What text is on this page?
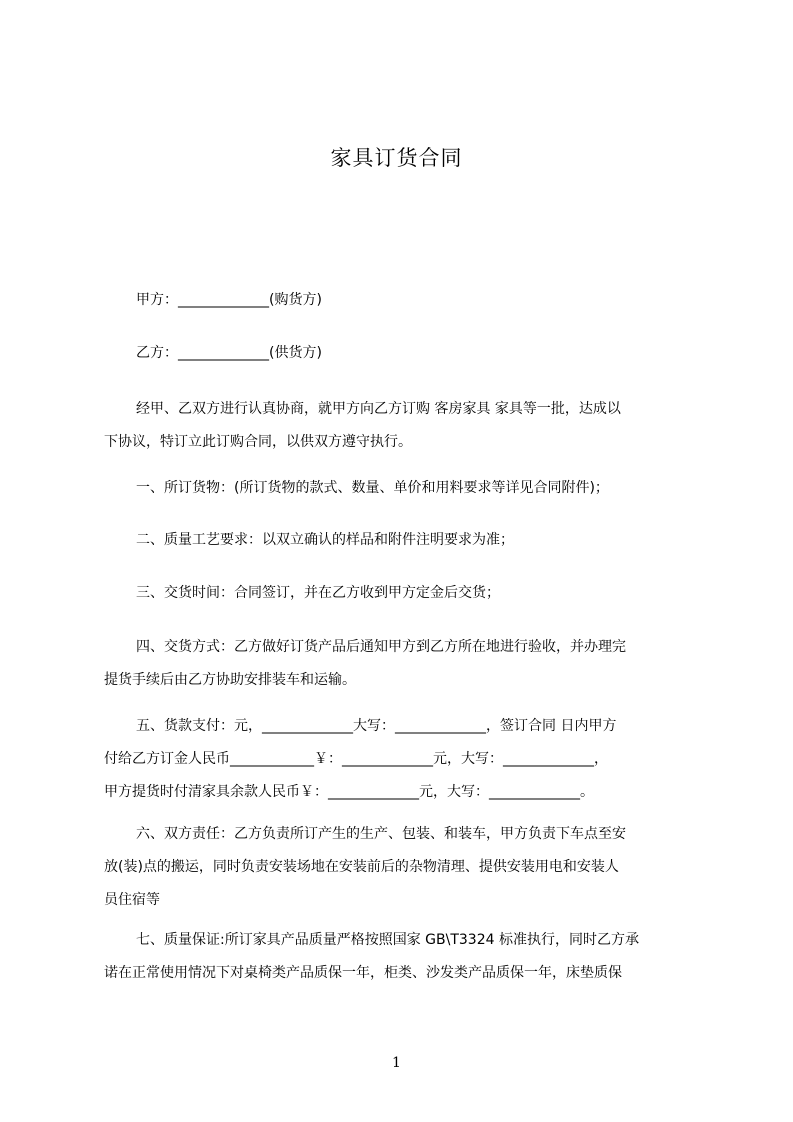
家具订货合同
甲方：_____________(购货方)
乙方：_____________(供货方)
经甲、乙双方进行认真协商，就甲方向乙方订购 客房家具 家具等一批，达成以
下协议，特订立此订购合同，以供双方遵守执行。
一、所订货物：(所订货物的款式、数量、单价和用料要求等详见合同附件)；
二、质量工艺要求：以双立确认的样品和附件注明要求为准；
三、交货时间：合同签订，并在乙方收到甲方定金后交货；
四、交货方式：乙方做好订货产品后通知甲方到乙方所在地进行验收，并办理完
提货手续后由乙方协助安排装车和运输。
五、货款支付：元，_____________大写：_____________，签订合同 日内甲方
付给乙方订金人民币____________￥：_____________元，大写：_____________，
甲方提货时付清家具余款人民币￥：_____________元，大写：_____________。
六、双方责任：乙方负责所订产生的生产、包装、和装车，甲方负责下车点至安
放(装)点的搬运，同时负责安装场地在安装前后的杂物清理、提供安装用电和安装人
员住宿等
七、质量保证:所订家具产品质量严格按照国家 GB\T3324 标准执行，同时乙方承
诺在正常使用情况下对桌椅类产品质保一年，柜类、沙发类产品质保一年，床垫质保
1
